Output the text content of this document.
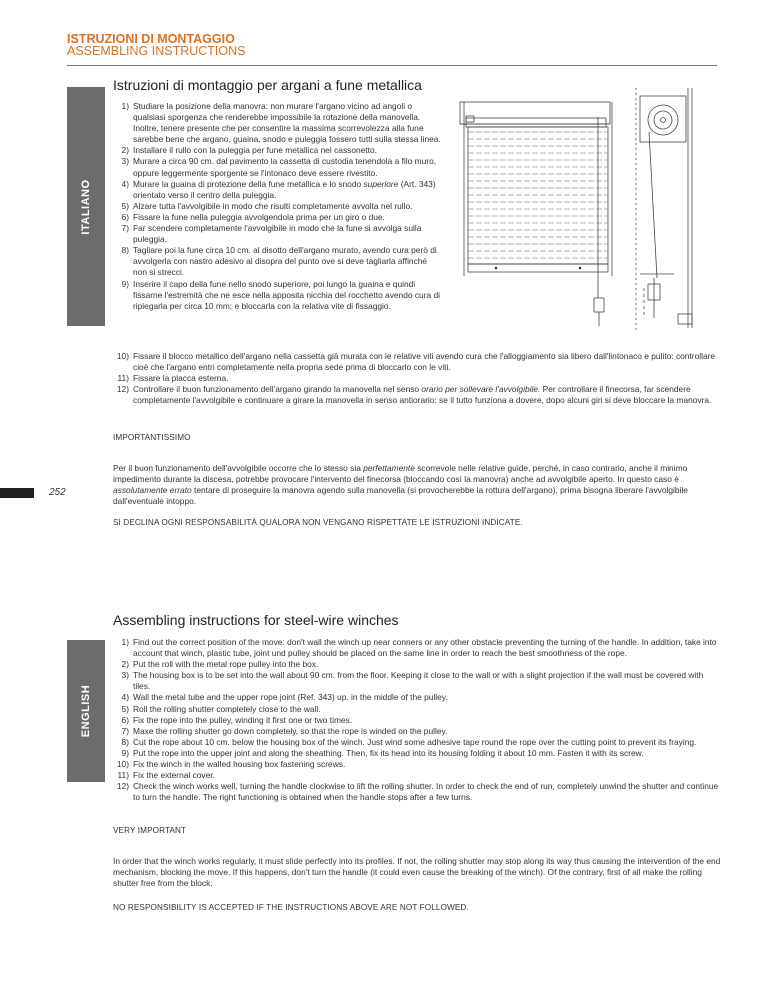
ISTRUZIONI DI MONTAGGIO
ASSEMBLING INSTRUCTIONS
ITALIANO
ENGLISH
252
Istruzioni di montaggio per argani a fune metallica
1) Studiare la posizione della manovra: non murare l'argano vicino ad angoli o qualsiasi sporgenza che renderebbe impossibile la rotazione della manovella. Inoltre, tenere presente che per consentire la massima scorrevolezza alla fune sarebbe bene che argano, guaina, snodo e puleggia fossero tutti sulla stessa linea.
2) Installare il rullo con la puleggia per fune metallica nel cassonetto.
3) Murare a circa 90 cm. dal pavimento la cassetta di custodia tenendola a filo muro, oppure leggermente sporgente se l'intonaco deve essere rivestito.
4) Murare la guaina di protezione della fune metallica e lo snodo superiore (Art. 343) orientato verso il centro della puleggia.
5) Alzare tutta l'avvolgibile in modo che risulti completamente avvolta nel rullo.
6) Fissare la fune nella puleggia avvolgendola prima per un giro o due.
7) Far scendere completamente l'avvolgibile in modo che la fune si avvolga sulla puleggia.
8) Tagliare poi la fune circa 10 cm. al disotto dell'argano murato, avendo cura però di avvolgerla con nastro adesivo al disopra del punto ove si deve tagliarla affinché non si strecci.
9) Inserire il capo della fune nello snodo superiore, poi lungo la guaina e quindi fissarne l'estremità che ne esce nella apposita nicchia del rocchetto avendo cura di ripiegarla per circa 10 mm; e bloccarla con la relativa vite di fissaggio.
10) Fissare il blocco metallico dell'argano nella cassetta già murata con le relative viti avendo cura che l'alloggiamento sia libero dall'lintonaco e pulito: controllare cioè che l'argano entri completamente nella propria sede prima di bloccarlo con le viti.
11) Fissare la placca esterna.
12) Controllare il buon funzionamento dell'argano girando la manovella nel senso orario per sollevare l'avvolgibile. Per controllare il finecorsa, far scendere completamente l'avvolgibile e continuare a girare la manovella in senso antiorario: se il tutto funziona a dovere, dopo alcuni giri si deve bloccare la manovra.

IMPORTANTISSIMO

Per il buon funzionamento dell'avvolgibile occorre che lo stesso sia perfettamente scorrevole nelle relative guide, perché, in caso contrario, anche il minimo impedimento durante la discesa, potrebbe provocare l'intervento del finecorsa (bloccando così la manovra) anche ad avvolgibile aperto. In questo caso è assolutamente errato tentare di proseguire la manovra agendo sulla manovella (si provocherebbe la rottura dell'argano), prima bisogna liberare l'avvolgibile dall'eventuale intoppo.

SI DECLINA OGNI RESPONSABILITÀ QUALORA NON VENGANO RISPETTATE LE ISTRUZIONI INDICATE.

Assembling instructions for steel-wire winches
1) Find out the correct position of the move: don't wall the winch up near conners or any other obstacle preventing the turning of the handle. In addition, take into account that winch, plastic tube, joint und pulley should be placed on the same line in order to reach the best smoothness of the rope.
2) Put the roll with the metal rope pulley into the box.
3) The housing box is to be set into the wall about 90 cm. from the floor. Keeping it close to the wall or with a slight projection if the wall must be covered with tiles.
4) Wall the metal tube and the upper rope joint (Ref. 343) up. in the middle of the pulley.
5) Roll the rolling shutter completely close to the wall.
6) Fix the rope into the pulley, winding it first one or two times.
7) Maxe the rolling shutter go down completely, so that the rope is winded on the pulley.
8) Cut the rope about 10 cm. below the housing box of the winch. Just wind some adhesive tape round the rope over the cutting point to prevent its fraying.
9) Put the rope into the upper joint and along the sheathing. Then, fix its head into its housing folding it about 10 mm. Fasten it with its screw.
10) Fix the winch in the walled housing box fastening screws.
11) Fix the external cover.
12) Check the winch works well, turning the handle clockwise to lift the rolling shutter. In order to check the end of run, completely unwind the shutter and continue to turn the handle. The right functioning is obtained when the handle stops after a few turns.

VERY IMPORTANT

In order that the winch works regularly, it must slide perfectly into its profiles. If not, the rolling shutter may stop along its way thus causing the intervention of the end mechanism, blocking the move. If this happens, don't turn the handle (it could even cause the breaking of the winch). Of the contrary, first of all make the rolling shutter free from the block.

NO RESPONSIBILITY IS ACCEPTED IF THE INSTRUCTIONS ABOVE ARE NOT FOLLOWED.
